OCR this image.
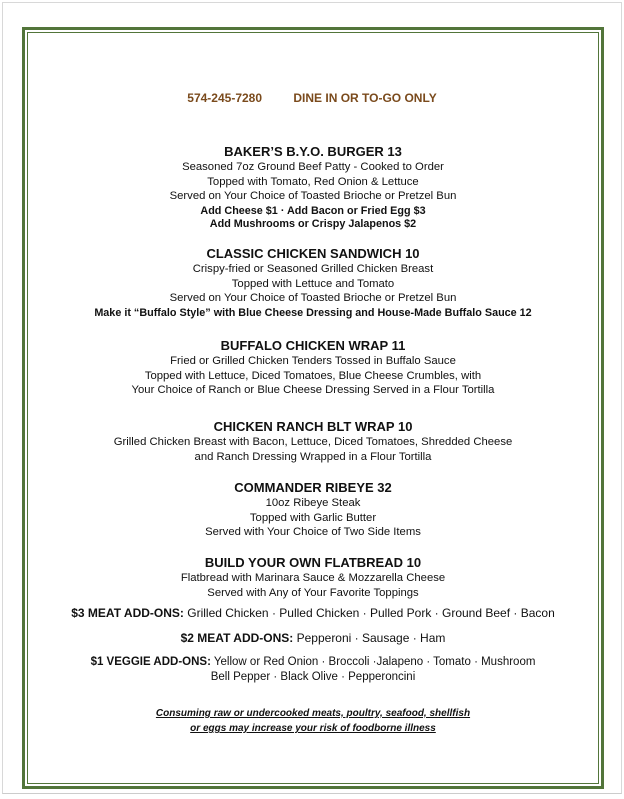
574-245-7280	DINE IN OR TO-GO ONLY
BAKER’S B.Y.O. BURGER 13
Seasoned 7oz Ground Beef Patty - Cooked to Order
Topped with Tomato, Red Onion & Lettuce
Served on Your Choice of Toasted Brioche or Pretzel Bun
Add Cheese $1 · Add Bacon or Fried Egg $3
Add Mushrooms or Crispy Jalapenos $2
CLASSIC CHICKEN SANDWICH 10
Crispy-fried or Seasoned Grilled Chicken Breast
Topped with Lettuce and Tomato
Served on Your Choice of Toasted Brioche or Pretzel Bun
Make it “Buffalo Style” with Blue Cheese Dressing and House-Made Buffalo Sauce 12
BUFFALO CHICKEN WRAP 11
Fried or Grilled Chicken Tenders Tossed in Buffalo Sauce
Topped with Lettuce, Diced Tomatoes, Blue Cheese Crumbles, with
Your Choice of Ranch or Blue Cheese Dressing Served in a Flour Tortilla
CHICKEN RANCH BLT WRAP 10
Grilled Chicken Breast with Bacon, Lettuce, Diced Tomatoes, Shredded Cheese
and Ranch Dressing Wrapped in a Flour Tortilla
COMMANDER RIBEYE 32
10oz Ribeye Steak
Topped with Garlic Butter
Served with Your Choice of Two Side Items
BUILD YOUR OWN FLATBREAD 10
Flatbread with Marinara Sauce & Mozzarella Cheese
Served with Any of Your Favorite Toppings
$3 MEAT ADD-ONS: Grilled Chicken · Pulled Chicken · Pulled Pork · Ground Beef · Bacon
$2 MEAT ADD-ONS: Pepperoni · Sausage · Ham
$1 VEGGIE ADD-ONS: Yellow or Red Onion · Broccoli ·Jalapeno · Tomato · Mushroom
Bell Pepper · Black Olive · Pepperoncini
Consuming raw or undercooked meats, poultry, seafood, shellfish
or eggs may increase your risk of foodborne illness
